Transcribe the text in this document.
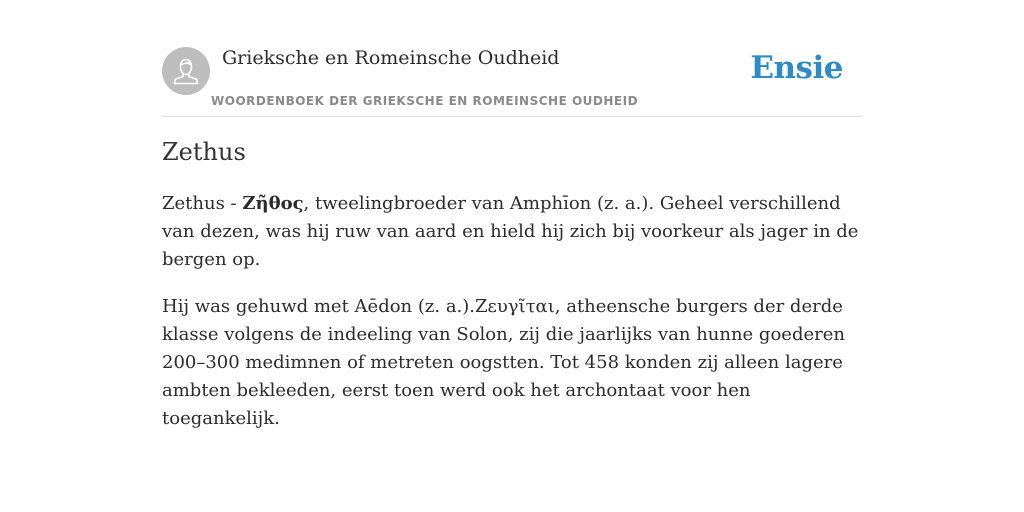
Grieksche en Romeinsche Oudheid
WOORDENBOEK DER GRIEKSCHE EN ROMEINSCHE OUDHEID
Ensie
Zethus

Zethus - Ζῆθος, tweelingbroeder van Amphīon (z. a.). Geheel verschillend van dezen, was hij ruw van aard en hield hij zich bij voorkeur als jager in de bergen op.

Hij was gehuwd met Aēdon (z. a.).Ζευγῖται, atheensche burgers der derde klasse volgens de indeeling van Solon, zij die jaarlijks van hunne goederen 200–300 medimnen of metreten oogstten. Tot 458 konden zij alleen lagere ambten bekleeden, eerst toen werd ook het archontaat voor hen toegankelijk.
